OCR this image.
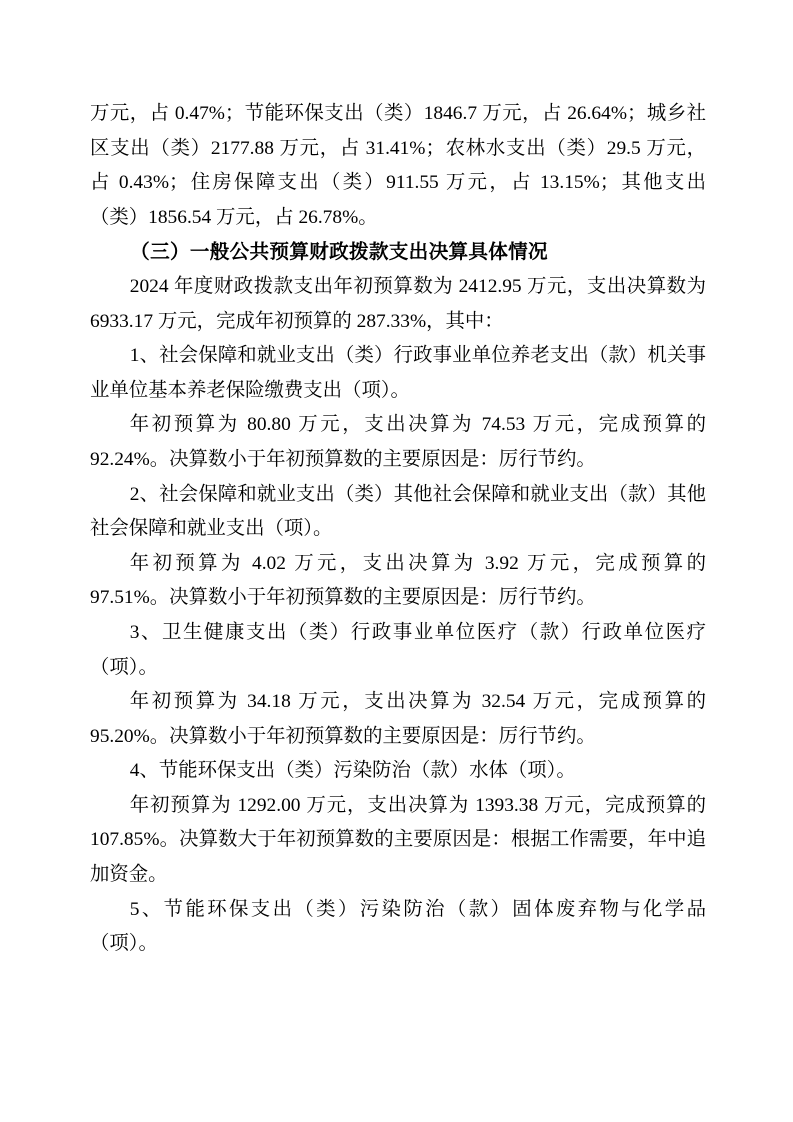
万元，占 0.47%；节能环保支出（类）1846.7 万元，占 26.64%；城乡社
区支出（类）2177.88 万元，占 31.41%；农林水支出（类）29.5 万元，
占 0.43%；住房保障支出（类）911.55 万元，占 13.15%；其他支出
（类）1856.54 万元，占 26.78%。
（三）一般公共预算财政拨款支出决算具体情况
2024 年度财政拨款支出年初预算数为 2412.95 万元，支出决算数为
6933.17 万元，完成年初预算的 287.33%，其中：
1、社会保障和就业支出（类）行政事业单位养老支出（款）机关事
业单位基本养老保险缴费支出（项）。
年初预算为 80.80 万元，支出决算为 74.53 万元，完成预算的
92.24%。决算数小于年初预算数的主要原因是：厉行节约。
2、社会保障和就业支出（类）其他社会保障和就业支出（款）其他
社会保障和就业支出（项）。
年初预算为 4.02 万元，支出决算为 3.92 万元，完成预算的
97.51%。决算数小于年初预算数的主要原因是：厉行节约。
3、卫生健康支出（类）行政事业单位医疗（款）行政单位医疗
（项）。
年初预算为 34.18 万元，支出决算为 32.54 万元，完成预算的
95.20%。决算数小于年初预算数的主要原因是：厉行节约。
4、节能环保支出（类）污染防治（款）水体（项）。
年初预算为 1292.00 万元，支出决算为 1393.38 万元，完成预算的
107.85%。决算数大于年初预算数的主要原因是：根据工作需要，年中追
加资金。
5、节能环保支出（类）污染防治（款）固体废弃物与化学品
（项）。
